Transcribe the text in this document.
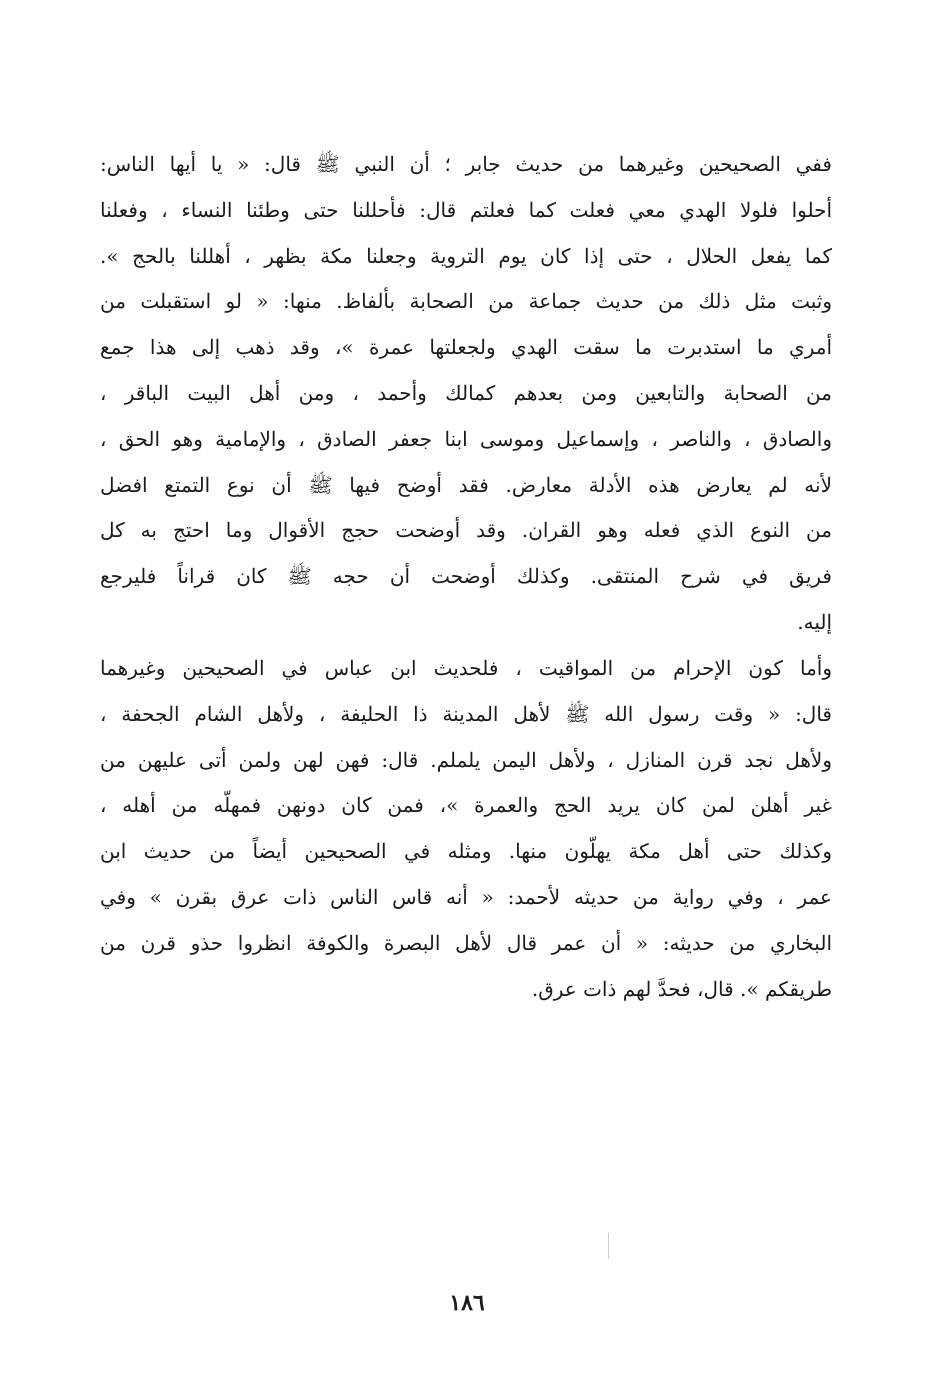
ففي الصحيحين وغيرهما من حديث جابر ؛ أن النبي ﷺ قال: « يا أيها الناس:
أحلوا فلولا الهدي معي فعلت كما فعلتم قال: فأحللنا حتى وطئنا النساء ، وفعلنا
كما يفعل الحلال ، حتى إذا كان يوم التروية وجعلنا مكة بظهر ، أهللنا بالحج ».
وثبت مثل ذلك من حديث جماعة من الصحابة بألفاظ. منها: « لو استقبلت من
أمري ما استدبرت ما سقت الهدي ولجعلتها عمرة »، وقد ذهب إلى هذا جمع
من الصحابة والتابعين ومن بعدهم كمالك وأحمد ، ومن أهل البيت الباقر ،
والصادق ، والناصر ، وإسماعيل وموسى ابنا جعفر الصادق ، والإمامية وهو الحق ،
لأنه لم يعارض هذه الأدلة معارض. فقد أوضح فيها ﷺ أن نوع التمتع افضل
من النوع الذي فعله وهو القران. وقد أوضحت حجج الأقوال وما احتج به كل
فريق في شرح المنتقى. وكذلك أوضحت أن حجه ﷺ كان قراناً فليرجع
إليه.
وأما كون الإحرام من المواقيت ، فلحديث ابن عباس في الصحيحين وغيرهما
قال: « وقت رسول الله ﷺ لأهل المدينة ذا الحليفة ، ولأهل الشام الجحفة ،
ولأهل نجد قرن المنازل ، ولأهل اليمن يلملم. قال: فهن لهن ولمن أتى عليهن من
غير أهلن لمن كان يريد الحج والعمرة »، فمن كان دونهن فمهلّه من أهله ،
وكذلك حتى أهل مكة يهلّون منها. ومثله في الصحيحين أيضاً من حديث ابن
عمر ، وفي رواية من حديثه لأحمد: « أنه قاس الناس ذات عرق بقرن » وفي
البخاري من حديثه: « أن عمر قال لأهل البصرة والكوفة انظروا حذو قرن من
طريقكم ». قال، فحدَّ لهم ذات عرق.
١٨٦
